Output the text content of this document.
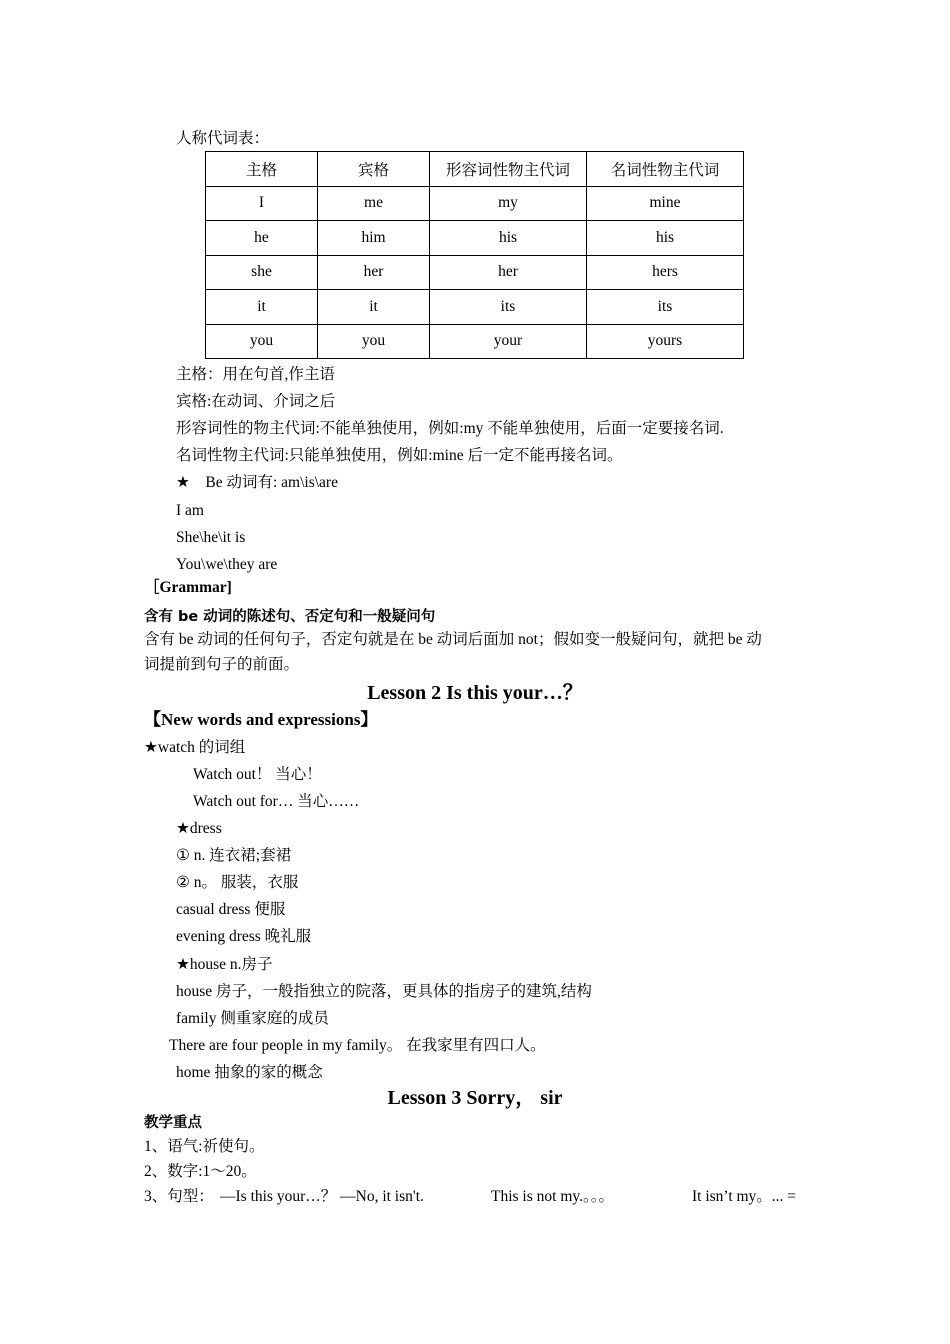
人称代词表：
主格	宾格	形容词性物主代词	名词性物主代词
I	me	my	mine
he	him	his	his
she	her	her	hers
it	it	its	its
you	you	your	yours
主格：用在句首,作主语
宾格:在动词、介词之后
形容词性的物主代词:不能单独使用，例如:my 不能单独使用，后面一定要接名词.
名词性物主代词:只能单独使用，例如:mine 后一定不能再接名词。
★　Be 动词有: am\is\are
I am
She\he\it is
You\we\they are
［Grammar]
含有 be 动词的陈述句、否定句和一般疑问句
含有 be 动词的任何句子，否定句就是在 be 动词后面加 not；假如变一般疑问句，就把 be 动
词提前到句子的前面。
Lesson 2 Is this your…？
【New words and expressions】
★watch 的词组
Watch out！ 当心！
Watch out for… 当心……
★dress
① n. 连衣裙;套裙
② n。 服装，衣服
casual dress 便服
evening dress 晚礼服
★house n.房子
house 房子，一般指独立的院落，更具体的指房子的建筑,结构
family 侧重家庭的成员
There are four people in my family。 在我家里有四口人。
home 抽象的家的概念
Lesson 3 Sorry， sir
教学重点
1、语气:祈使句。
2、数字:1～20。
3、句型： —Is this your…？ —No, it isn't.	This is not my.。。。	It isn’t my。... =
